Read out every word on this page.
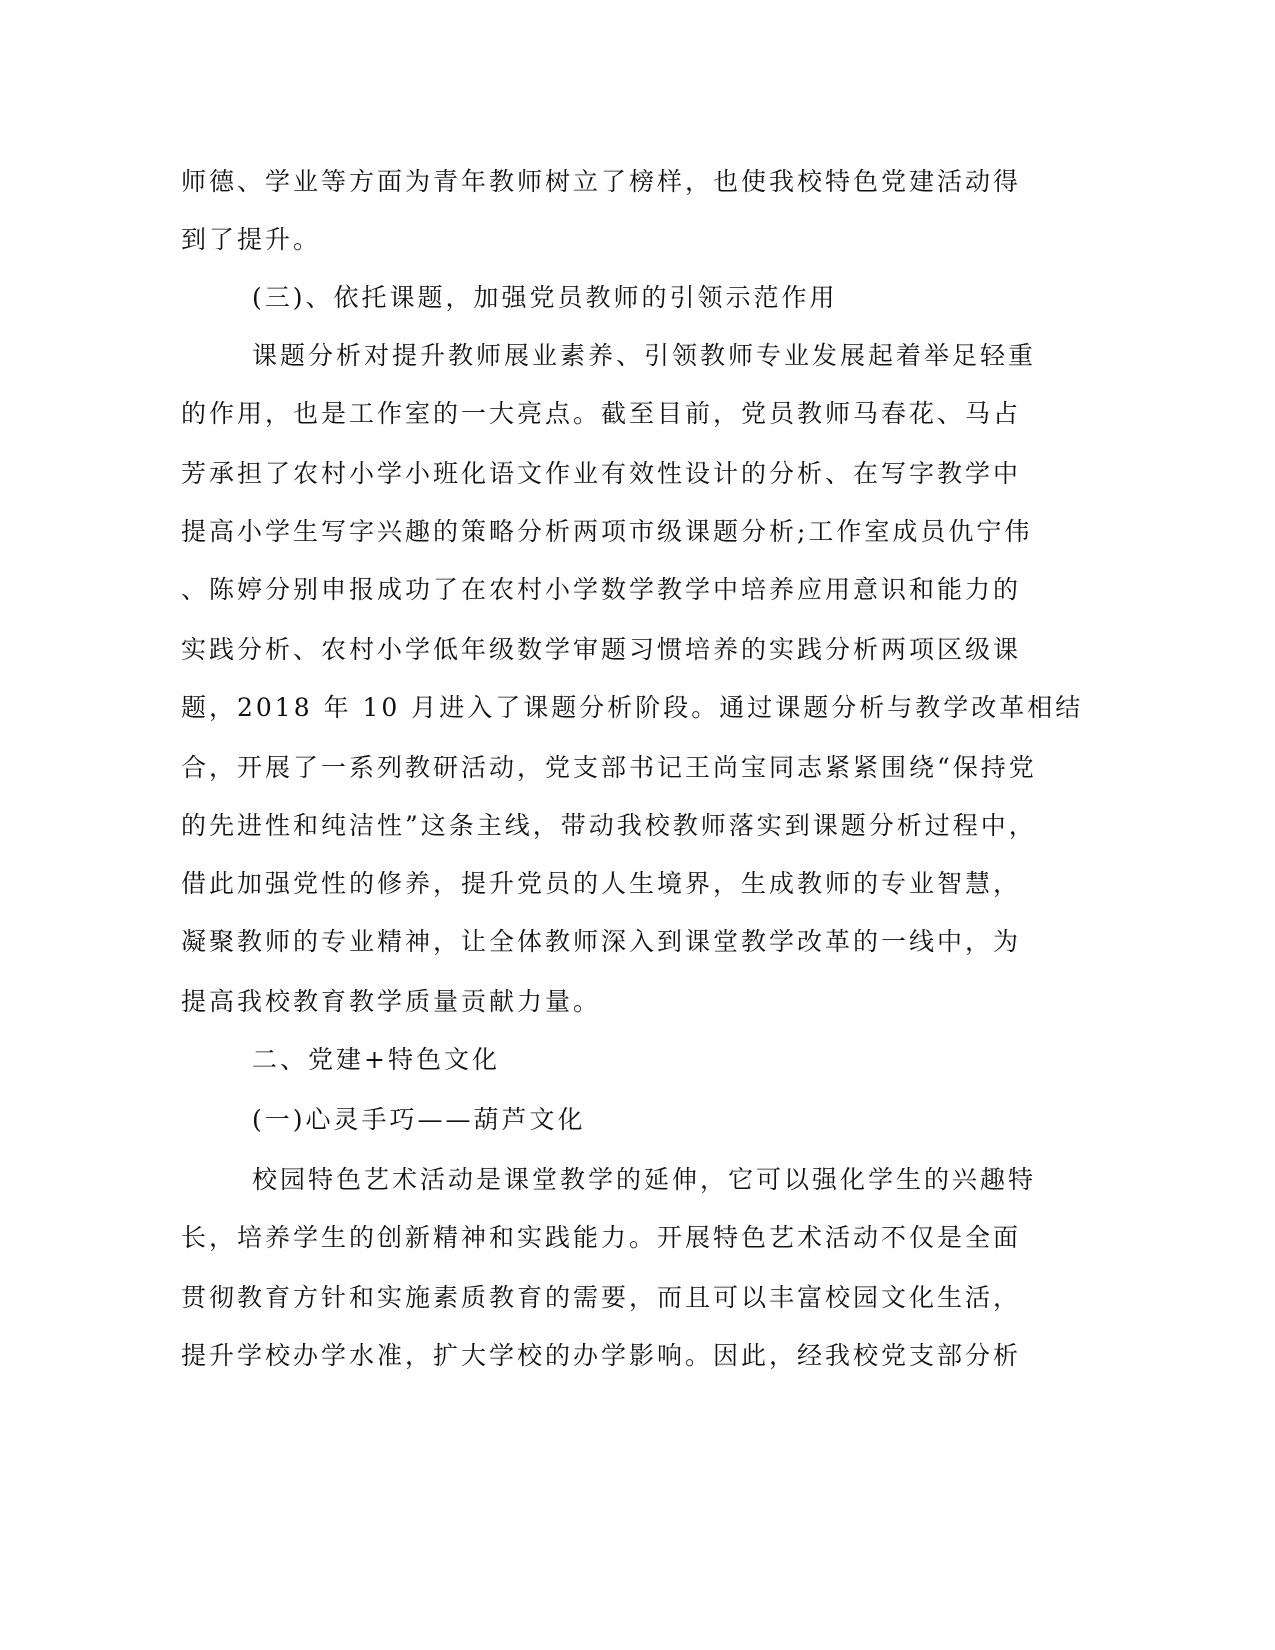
师德、学业等方面为青年教师树立了榜样，也使我校特色党建活动得
到了提升。
(三)、依托课题，加强党员教师的引领示范作用
课题分析对提升教师展业素养、引领教师专业发展起着举足轻重
的作用，也是工作室的一大亮点。截至目前，党员教师马春花、马占
芳承担了农村小学小班化语文作业有效性设计的分析、在写字教学中
提高小学生写字兴趣的策略分析两项市级课题分析;工作室成员仇宁伟
、陈婷分别申报成功了在农村小学数学教学中培养应用意识和能力的
实践分析、农村小学低年级数学审题习惯培养的实践分析两项区级课
题，2018 年 10 月进入了课题分析阶段。通过课题分析与教学改革相结
合，开展了一系列教研活动，党支部书记王尚宝同志紧紧围绕“保持党
的先进性和纯洁性”这条主线，带动我校教师落实到课题分析过程中，
借此加强党性的修养，提升党员的人生境界，生成教师的专业智慧，
凝聚教师的专业精神，让全体教师深入到课堂教学改革的一线中，为
提高我校教育教学质量贡献力量。
二、党建+特色文化
(一)心灵手巧——葫芦文化
校园特色艺术活动是课堂教学的延伸，它可以强化学生的兴趣特
长，培养学生的创新精神和实践能力。开展特色艺术活动不仅是全面
贯彻教育方针和实施素质教育的需要，而且可以丰富校园文化生活，
提升学校办学水准，扩大学校的办学影响。因此，经我校党支部分析
